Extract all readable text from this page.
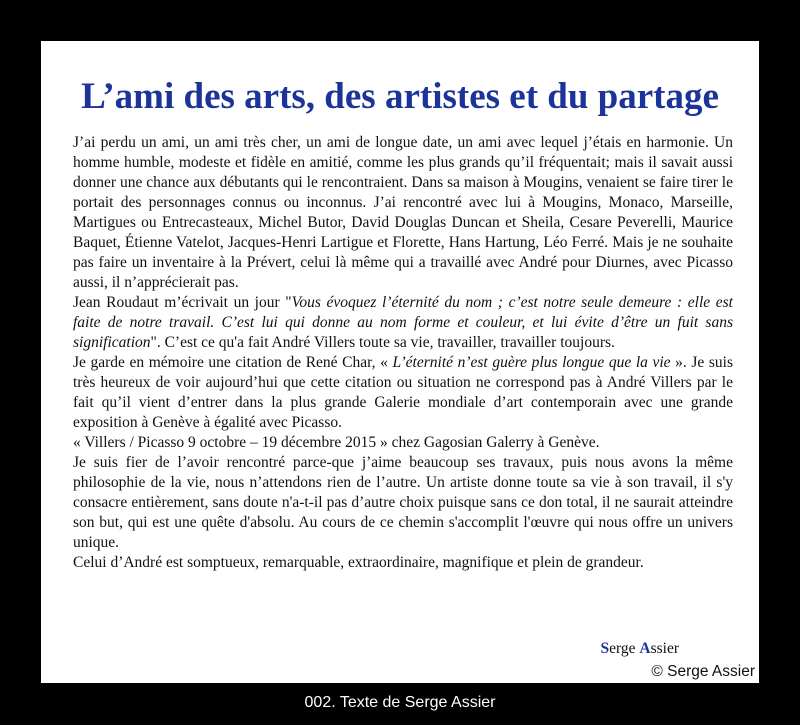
L’ami des arts, des artistes et du partage

J’ai perdu un ami, un ami très cher, un ami de longue date, un ami avec lequel j’étais en harmonie. Un homme humble, modeste et fidèle en amitié, comme les plus grands qu’il fréquentait; mais il savait aussi donner une chance aux débutants qui le rencontraient. Dans sa maison à Mougins, venaient se faire tirer le portait des personnages connus ou inconnus. J’ai rencontré avec lui à Mougins, Monaco, Marseille, Martigues ou Entrecasteaux, Michel Butor, David Douglas Duncan et Sheila, Cesare Peverelli, Maurice Baquet, Étienne Vatelot, Jacques-Henri Lartigue et Florette, Hans Hartung, Léo Ferré. Mais je ne souhaite pas faire un inventaire à la Prévert, celui là même qui a travaillé avec André pour Diurnes, avec Picasso aussi, il n’apprécierait pas.

Jean Roudaut m’écrivait un jour "Vous évoquez l’éternité du nom ; c’est notre seule demeure : elle est faite de notre travail. C’est lui qui donne au nom forme et couleur, et lui évite d’être un fuit sans signification". C’est ce qu'a fait André Villers toute sa vie, travailler, travailler toujours.

Je garde en mémoire une citation de René Char, « L’éternité n’est guère plus longue que la vie ». Je suis très heureux de voir aujourd’hui que cette citation ou situation ne correspond pas à André Villers par le fait qu’il vient d’entrer dans la plus grande Galerie mondiale d’art contemporain avec une grande exposition à Genève à égalité avec Picasso.

« Villers / Picasso 9 octobre – 19 décembre 2015 » chez Gagosian Galerry à Genève.

Je suis fier de l’avoir rencontré parce-que j’aime beaucoup ses travaux, puis nous avons la même philosophie de la vie, nous n’attendons rien de l’autre. Un artiste donne toute sa vie à son travail, il s'y consacre entièrement, sans doute n'a-t-il pas d’autre choix puisque sans ce don total, il ne saurait atteindre son but, qui est une quête d'absolu. Au cours de ce chemin s'accomplit l'œuvre qui nous offre un univers unique.

Celui d’André est somptueux, remarquable, extraordinaire, magnifique et plein de grandeur.

Serge Assier
© Serge Assier
002. Texte de Serge Assier
